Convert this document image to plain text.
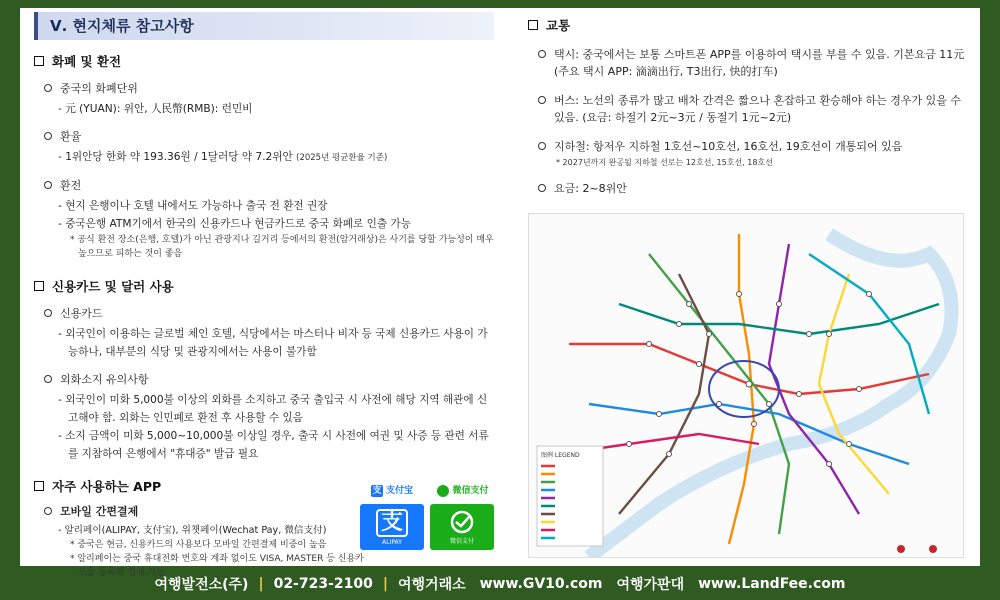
Ⅴ. 현지체류 참고사항
화폐 및 환전
중국의 화폐단위
- 元 (YUAN): 위안, 人民幣(RMB): 런민비
환율
- 1위안당 한화 약 193.36원 / 1달러당 약 7.2위안 (2025년 평균환율 기준)
환전
- 현지 은행이나 호텔 내에서도 가능하나 출국 전 환전 권장
- 중국은행 ATM기에서 한국의 신용카드나 현금카드로 중국 화폐로 인출 가능
* 공식 환전 장소(은행, 호텔)가 아닌 관광지나 길거리 등에서의 환전(암거래상)은 사기를 당할 가능성이 매우 높으므로 피하는 것이 좋음
신용카드 및 달러 사용
신용카드
- 외국인이 이용하는 글로벌 체인 호텔, 식당에서는 마스터나 비자 등 국제 신용카드 사용이 가능하나, 대부분의 식당 및 관광지에서는 사용이 불가함
외화소지 유의사항
- 외국인이 미화 5,000불 이상의 외화를 소지하고 중국 출입국 시 사전에 해당 지역 해관에 신고해야 함. 외화는 인민폐로 환전 후 사용할 수 있음
- 소지 금액이 미화 5,000~10,000불 이상일 경우, 출국 시 사전에 여권 및 사증 등 관련 서류를 지참하여 은행에서 "휴대증" 발급 필요
자주 사용하는 APP
모바일 간편결제
- 알리페이(ALIPAY, 支付宝), 위챗페이(Wechat Pay, 微信支付)
* 중국은 현금, 신용카드의 사용보다 모바일 간편결제 비중이 높음
* 알리페이는 중국 휴대전화 번호와 계좌 없이도 VISA, MASTER 등 신용카드를 등록해 결제 가능
支 支付宝	微信支付
支
ALIPAY	微信支付
교통
택시: 중국에서는 보통 스마트폰 APP를 이용하여 택시를 부를 수 있음. 기본요금 11元 (주요 택시 APP: 滴滴出行, T3出行, 快的打车)
버스: 노선의 종류가 많고 배차 간격은 짧으나 혼잡하고 환승해야 하는 경우가 있을 수 있음. (요금: 하절기 2元~3元 / 동절기 1元~2元)
지하철: 항저우 지하철 1호선~10호선, 16호선, 19호선이 개통되어 있음
* 2027년까지 완공될 지하철 선로는 12호선, 15호선, 18호선
요금: 2~8위안
图例 LEGEND
여행발전소(주) | 02-723-2100 | 여행거래소 www.GV10.com 여행가판대 www.LandFee.com
